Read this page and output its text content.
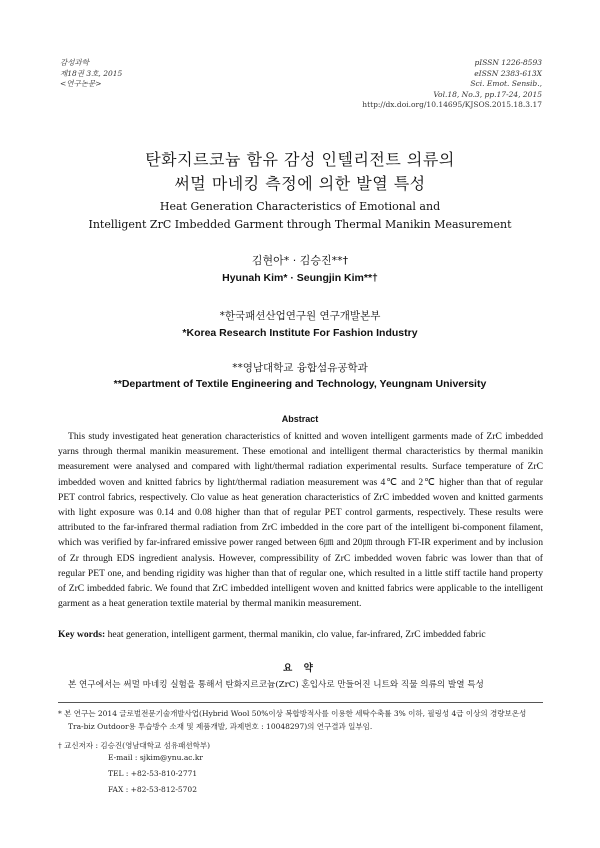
감성과학
제18권 3호, 2015
<연구논문>
pISSN 1226-8593
eISSN 2383-613X
Sci. Emot. Sensib.,
Vol.18, No.3, pp.17-24, 2015
http://dx.doi.org/10.14695/KJSOS.2015.18.3.17
탄화지르코늄 함유 감성 인텔리전트 의류의
써멀 마네킹 측정에 의한 발열 특성
Heat Generation Characteristics of Emotional and
Intelligent ZrC Imbedded Garment through Thermal Manikin Measurement
김현아* · 김승진**†
Hyunah Kim* · Seungjin Kim**†
*한국패션산업연구원 연구개발본부
*Korea Research Institute For Fashion Industry
**영남대학교 융합섬유공학과
**Department of Textile Engineering and Technology, Yeungnam University
Abstract
This study investigated heat generation characteristics of knitted and woven intelligent garments made of ZrC imbedded yarns through thermal manikin measurement. These emotional and intelligent thermal characteristics by thermal manikin measurement were analysed and compared with light/thermal radiation experimental results. Surface temperature of ZrC imbedded woven and knitted fabrics by light/thermal radiation measurement was 4℃ and 2℃ higher than that of regular PET control fabrics, respectively. Clo value as heat generation characteristics of ZrC imbedded woven and knitted garments with light exposure was 0.14 and 0.08 higher than that of regular PET control garments, respectively. These results were attributed to the far-infrared thermal radiation from ZrC imbedded in the core part of the intelligent bi-component filament, which was verified by far-infrared emissive power ranged between 6㎛ and 20㎛ through FT-IR experiment and by inclusion of Zr through EDS ingredient analysis. However, compressibility of ZrC imbedded woven fabric was lower than that of regular PET one, and bending rigidity was higher than that of regular one, which resulted in a little stiff tactile hand property of ZrC imbedded fabric. We found that ZrC imbedded intelligent woven and knitted fabrics were applicable to the intelligent garment as a heat generation textile material by thermal manikin measurement.
Key words: heat generation, intelligent garment, thermal manikin, clo value, far-infrared, ZrC imbedded fabric
요 약
본 연구에서는 써멀 마네킹 실험을 통해서 탄화지르코늄(ZrC) 혼입사로 만들어진 니트와 직물 의류의 발열 특성
* 본 연구는 2014 글로벌전문기술개발사업(Hybrid Wool 50%이상 복합방적사를 이용한 세탁수축률 3% 이하, 필링성 4급 이상의 경량보온성 Tra-biz Outdoor용 투습방수 소재 및 제품개발, 과제번호 : 10048297)의 연구결과 일부임.
† 교신저자 : 김승진(영남대학교 섬유패션학부)
E-mail : sjkim@ynu.ac.kr
TEL : +82-53-810-2771
FAX : +82-53-812-5702
